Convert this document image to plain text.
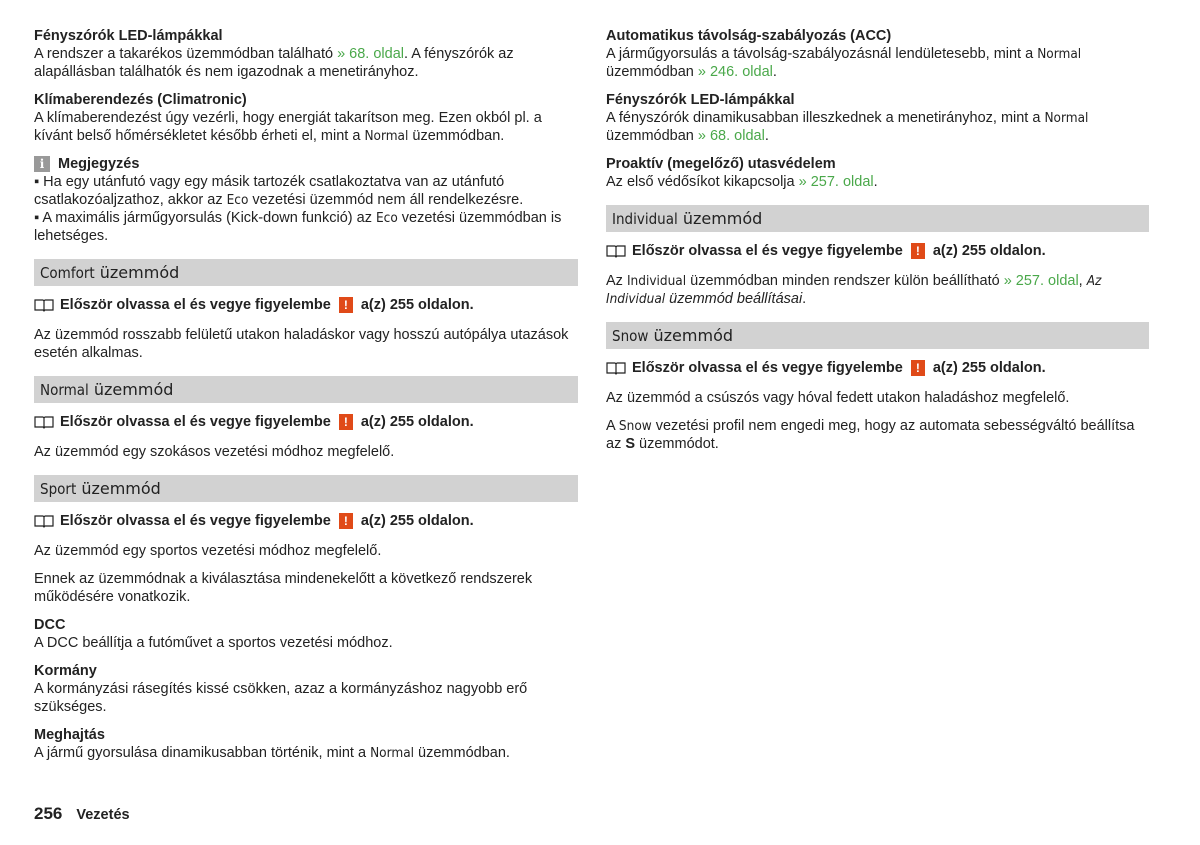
Fényszórók LED-lámpákkal

A rendszer a takarékos üzemmódban található » 68. oldal. A fényszórók az alapállásban találhatók és nem igazodnak a menetirányhoz.

Klímaberendezés (Climatronic)

A klímaberendezést úgy vezérli, hogy energiát takarítson meg. Ezen okból pl. a kívánt belső hőmérsékletet később érheti el, mint a Normal üzemmódban.

i Megjegyzés

▪ Ha egy utánfutó vagy egy másik tartozék csatlakoztatva van az utánfutó csatlakozóaljzathoz, akkor az Eco vezetési üzemmód nem áll rendelkezésre.

▪ A maximális járműgyorsulás (Kick-down funkció) az Eco vezetési üzemmódban is lehetséges.

Comfort üzemmód
Először olvassa el és vegye figyelembe	! a(z) 255 oldalon.

Az üzemmód rosszabb felületű utakon haladáskor vagy hosszú autópálya utazások esetén alkalmas.

Normal üzemmód
Először olvassa el és vegye figyelembe	! a(z) 255 oldalon.

Az üzemmód egy szokásos vezetési módhoz megfelelő.

Sport üzemmód
Először olvassa el és vegye figyelembe	! a(z) 255 oldalon.

Az üzemmód egy sportos vezetési módhoz megfelelő.

Ennek az üzemmódnak a kiválasztása mindenekelőtt a következő rendszerek működésére vonatkozik.

DCC

A DCC beállítja a futóművet a sportos vezetési módhoz.

Kormány

A kormányzási rásegítés kissé csökken, azaz a kormányzáshoz nagyobb erő szükséges.

Meghajtás

A jármű gyorsulása dinamikusabban történik, mint a Normal üzemmódban.

Automatikus távolság-szabályozás (ACC)

A járműgyorsulás a távolság-szabályozásnál lendületesebb, mint a Normal üzemmódban » 246. oldal.

Fényszórók LED-lámpákkal

A fényszórók dinamikusabban illeszkednek a menetirányhoz, mint a Normal üzemmódban » 68. oldal.

Proaktív (megelőző) utasvédelem

Az első védősíkot kikapcsolja » 257. oldal.

Individual üzemmód
Először olvassa el és vegye figyelembe	! a(z) 255 oldalon.

Az Individual üzemmódban minden rendszer külön beállítható » 257. oldal, Az Individual üzemmód beállításai.

Snow üzemmód
Először olvassa el és vegye figyelembe	! a(z) 255 oldalon.

Az üzemmód a csúszós vagy hóval fedett utakon haladáshoz megfelelő.

A Snow vezetési profil nem engedi meg, hogy az automata sebességváltó beállítsa az S üzemmódot.

256 Vezetés
